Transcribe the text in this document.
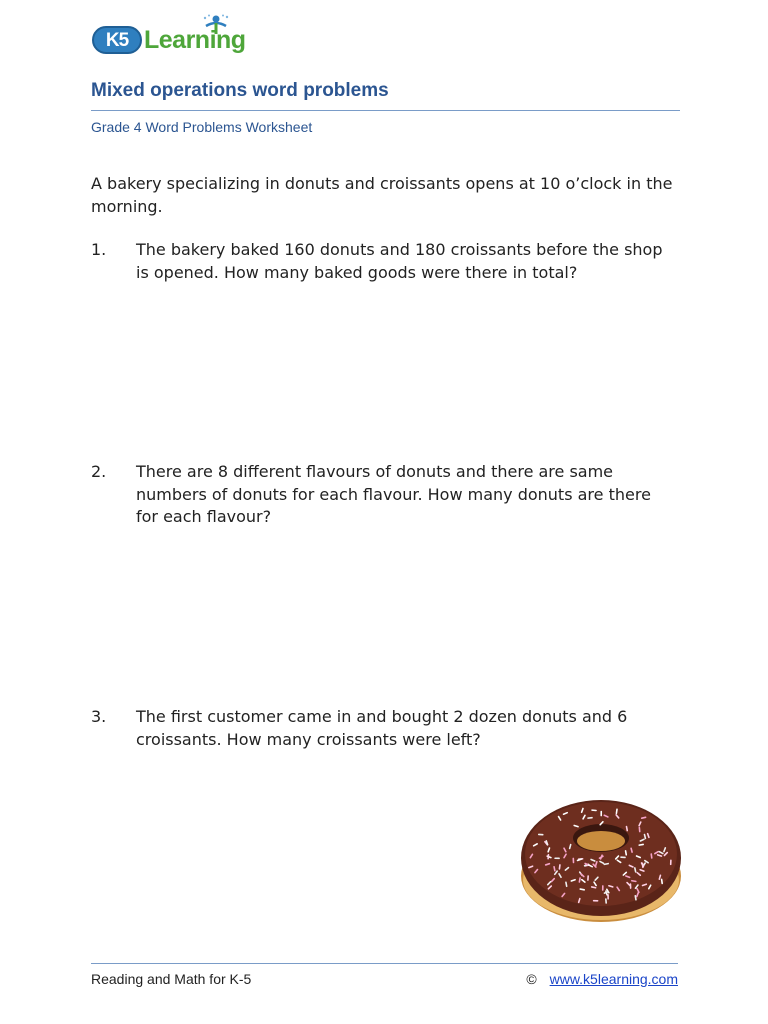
K5 Learning
Mixed operations word problems
Grade 4 Word Problems Worksheet
A bakery specializing in donuts and croissants opens at 10 o’clock in the morning.
1. The bakery baked 160 donuts and 180 croissants before the shop is opened. How many baked goods were there in total?
2. There are 8 different flavours of donuts and there are same numbers of donuts for each flavour. How many donuts are there for each flavour?
3. The first customer came in and bought 2 dozen donuts and 6 croissants. How many croissants were left?
Reading and Math for K-5	© www.k5learning.com
